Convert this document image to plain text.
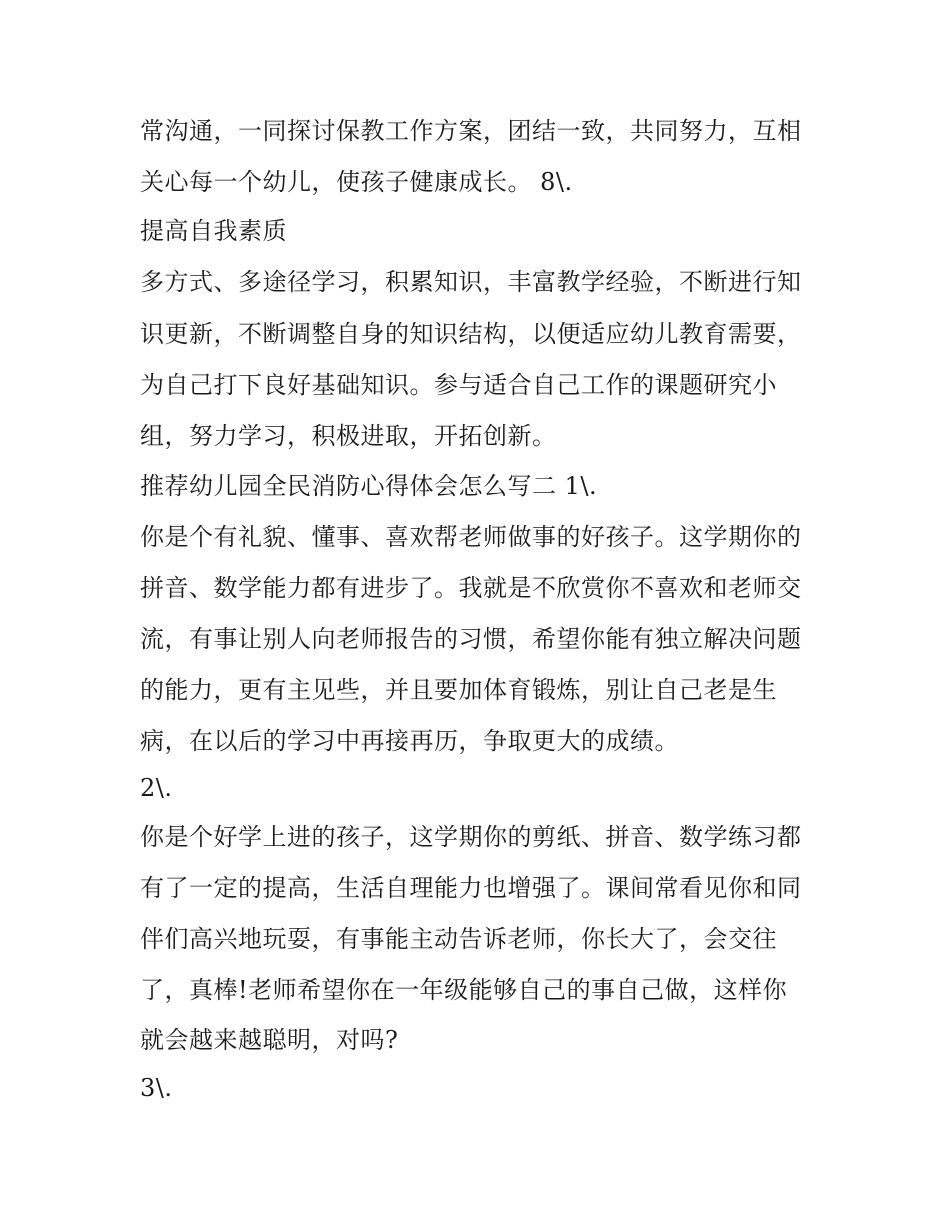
常沟通，一同探讨保教工作方案，团结一致，共同努力，互相
关心每一个幼儿，使孩子健康成长。 8\.
提高自我素质
多方式、多途径学习，积累知识，丰富教学经验，不断进行知
识更新，不断调整自身的知识结构，以便适应幼儿教育需要，
为自己打下良好基础知识。参与适合自己工作的课题研究小
组，努力学习，积极进取，开拓创新。
推荐幼儿园全民消防心得体会怎么写二 1\.
你是个有礼貌、懂事、喜欢帮老师做事的好孩子。这学期你的
拼音、数学能力都有进步了。我就是不欣赏你不喜欢和老师交
流，有事让别人向老师报告的习惯，希望你能有独立解决问题
的能力，更有主见些，并且要加体育锻炼，别让自己老是生
病，在以后的学习中再接再历，争取更大的成绩。
2\.
你是个好学上进的孩子，这学期你的剪纸、拼音、数学练习都
有了一定的提高，生活自理能力也增强了。课间常看见你和同
伴们高兴地玩耍，有事能主动告诉老师，你长大了，会交往
了，真棒!老师希望你在一年级能够自己的事自己做，这样你
就会越来越聪明，对吗?
3\.
